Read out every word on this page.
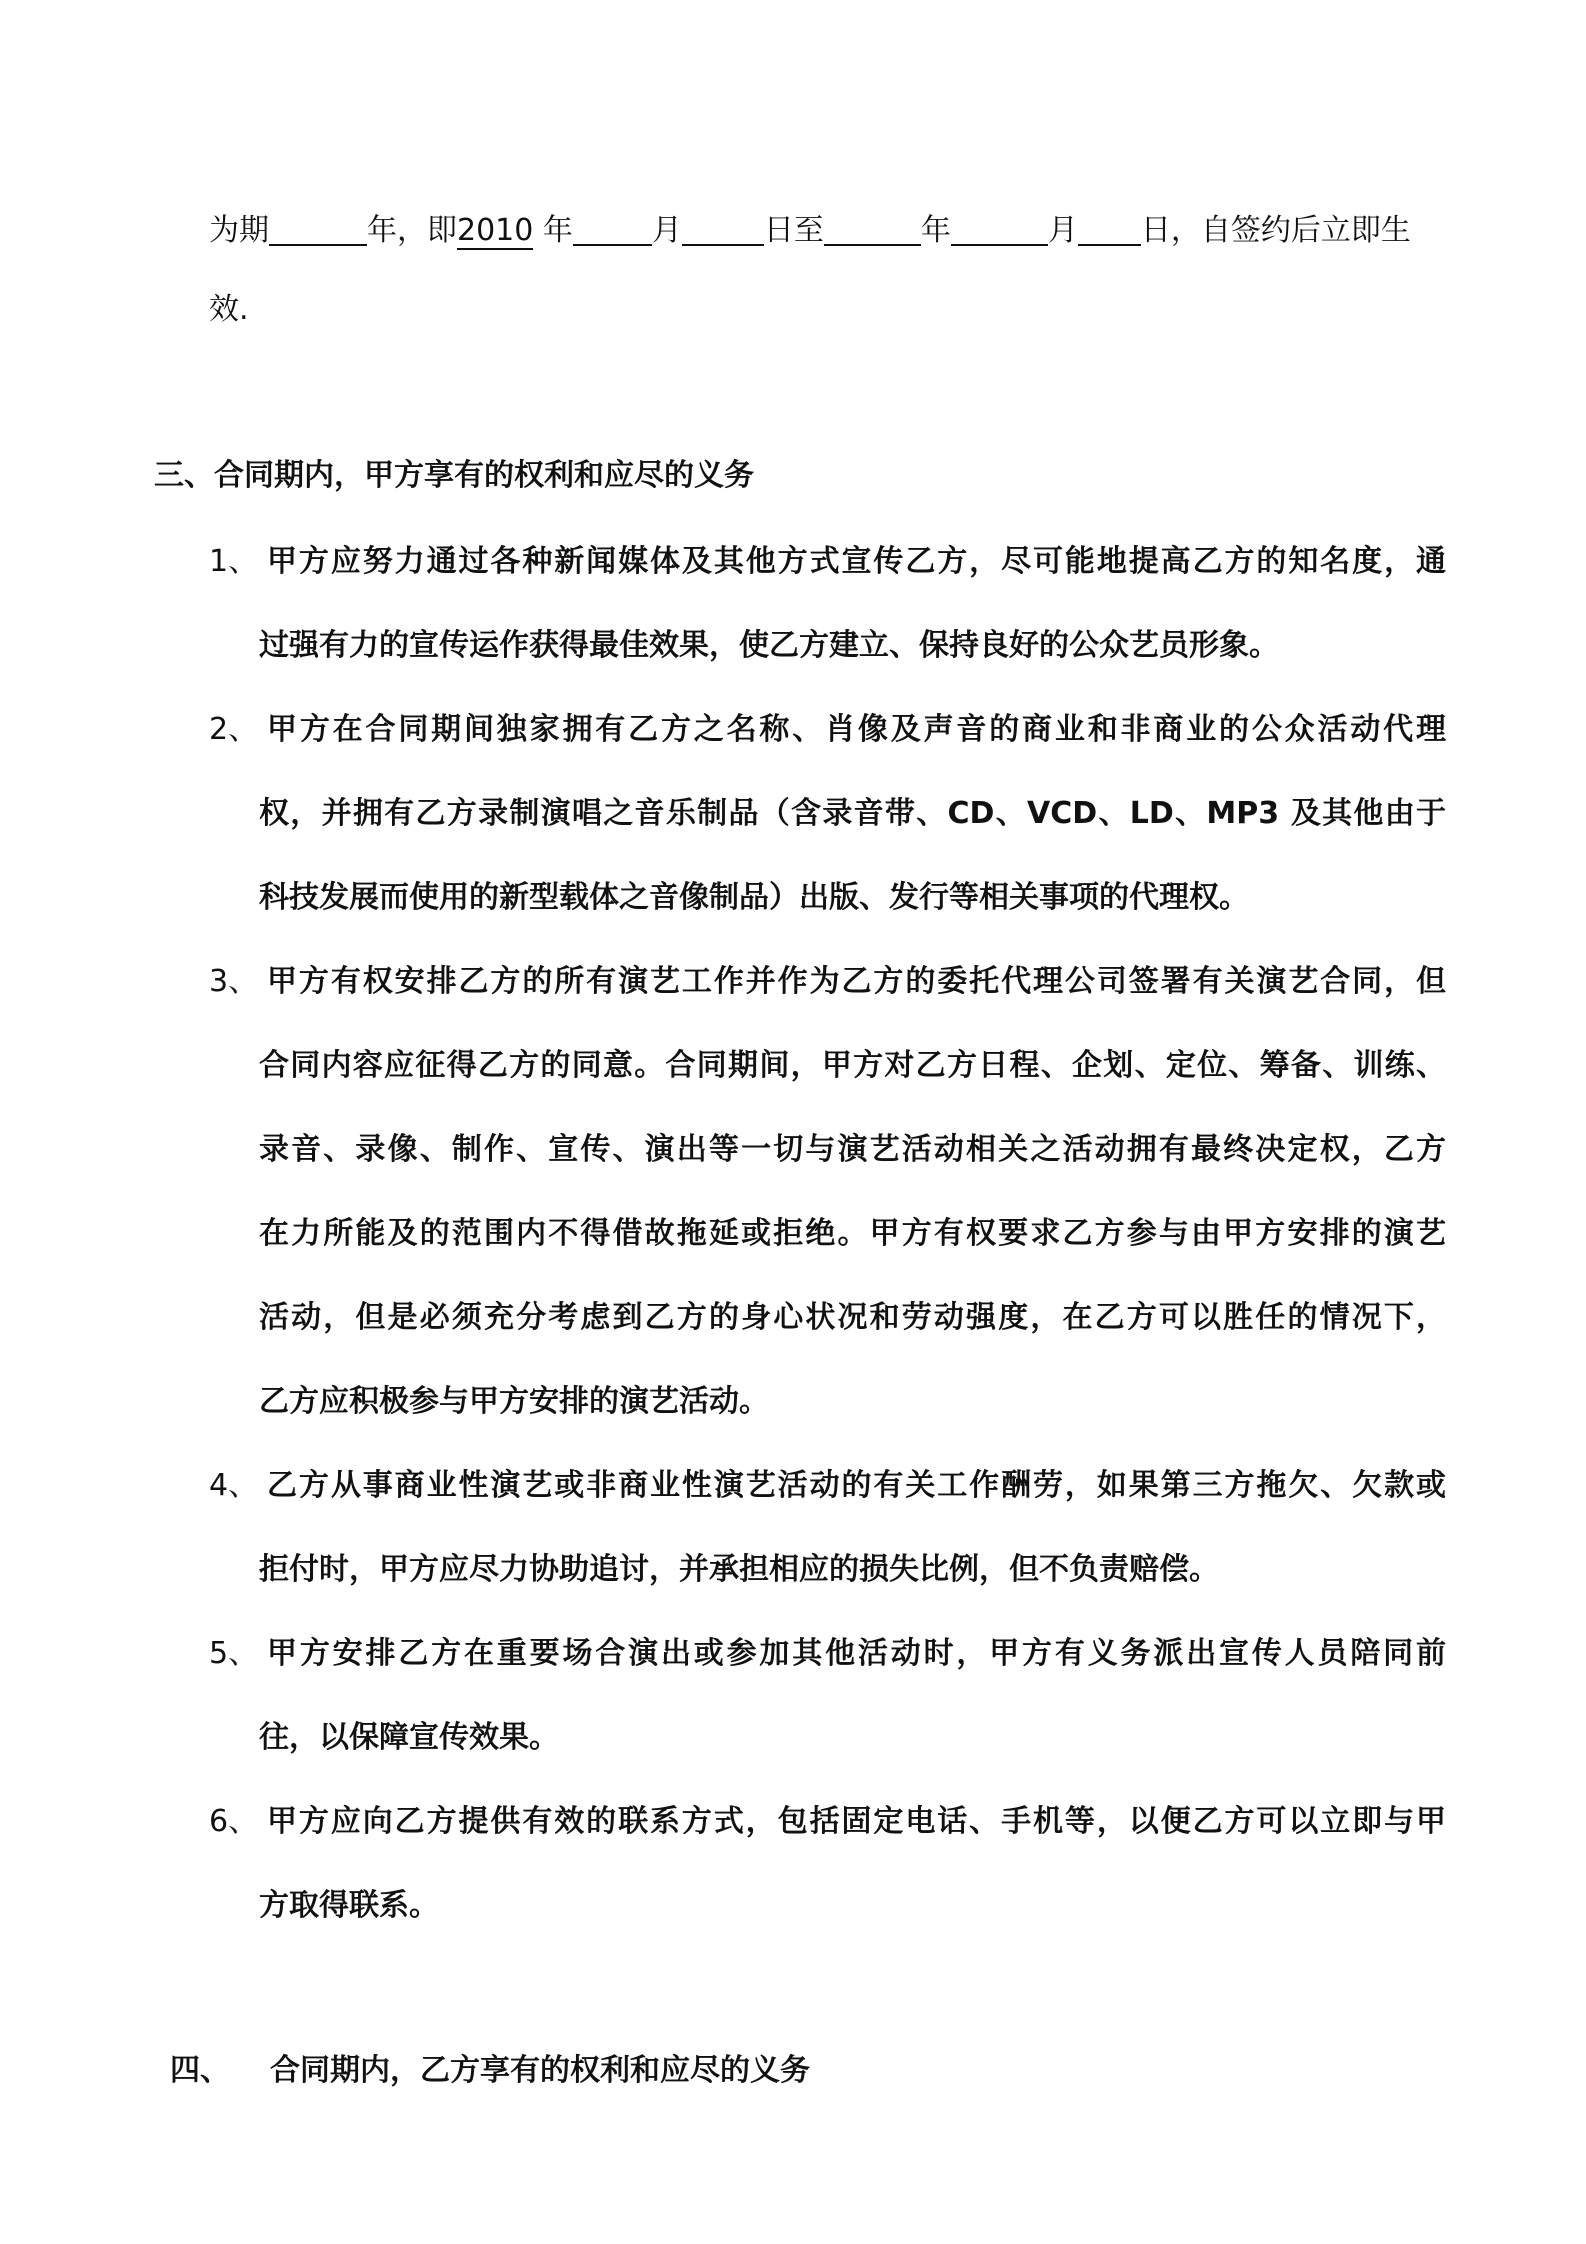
为期	年，即2010 年	月	日至	年	月 日，自签约后立即生
效.
三、合同期内，甲方享有的权利和应尽的义务
1、 甲方应努力通过各种新闻媒体及其他方式宣传乙方，尽可能地提高乙方的知名度，通
过强有力的宣传运作获得最佳效果，使乙方建立、保持良好的公众艺员形象。
2、 甲方在合同期间独家拥有乙方之名称、肖像及声音的商业和非商业的公众活动代理
权，并拥有乙方录制演唱之音乐制品（含录音带、CD、VCD、LD、MP3 及其他由于
科技发展而使用的新型载体之音像制品）出版、发行等相关事项的代理权。
3、 甲方有权安排乙方的所有演艺工作并作为乙方的委托代理公司签署有关演艺合同，但
合同内容应征得乙方的同意。合同期间，甲方对乙方日程、企划、定位、筹备、训练、
录音、录像、制作、宣传、演出等一切与演艺活动相关之活动拥有最终决定权，乙方
在力所能及的范围内不得借故拖延或拒绝。甲方有权要求乙方参与由甲方安排的演艺
活动，但是必须充分考虑到乙方的身心状况和劳动强度，在乙方可以胜任的情况下，
乙方应积极参与甲方安排的演艺活动。
4、 乙方从事商业性演艺或非商业性演艺活动的有关工作酬劳，如果第三方拖欠、欠款或
拒付时，甲方应尽力协助追讨，并承担相应的损失比例，但不负责赔偿。
5、 甲方安排乙方在重要场合演出或参加其他活动时，甲方有义务派出宣传人员陪同前
往，以保障宣传效果。
6、 甲方应向乙方提供有效的联系方式，包括固定电话、手机等，以便乙方可以立即与甲
方取得联系。
四、 合同期内，乙方享有的权利和应尽的义务
